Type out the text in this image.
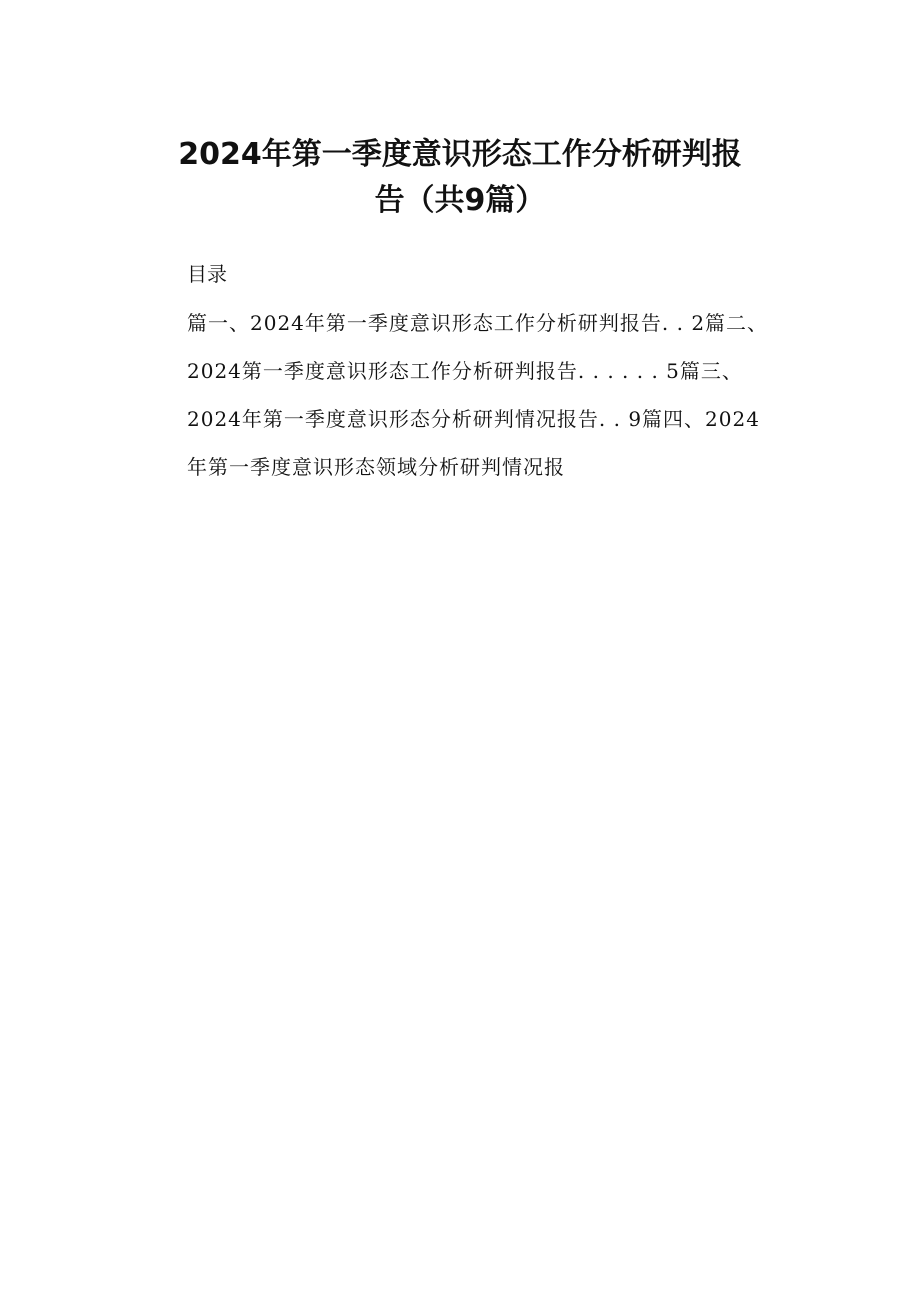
2024年第一季度意识形态工作分析研判报
告（共9篇）
目录
篇一、2024年第一季度意识形态工作分析研判报告. . 2篇二、
2024第一季度意识形态工作分析研判报告. . . . . . 5篇三、
2024年第一季度意识形态分析研判情况报告. . 9篇四、2024
年第一季度意识形态领域分析研判情况报
